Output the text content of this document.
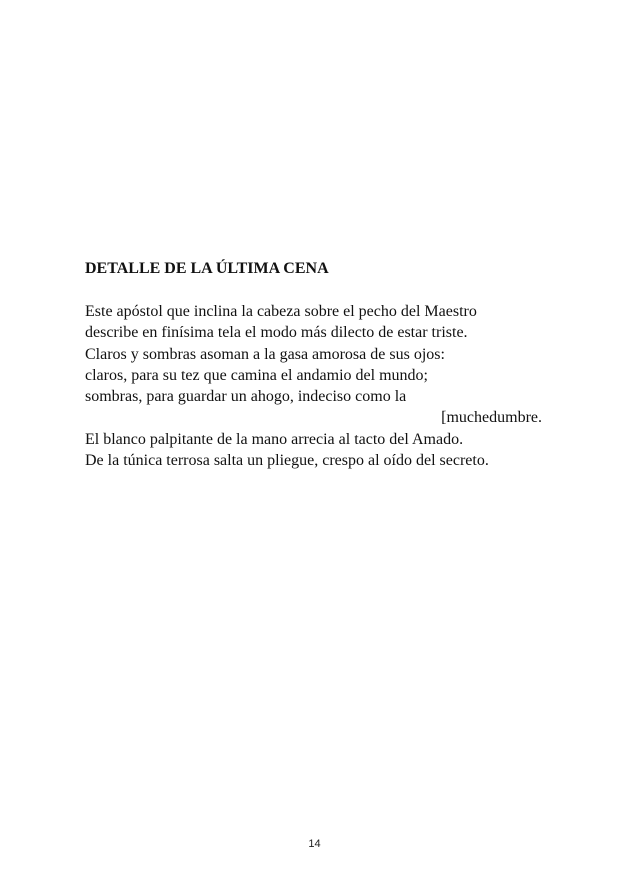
DETALLE DE LA ÚLTIMA CENA
Este apóstol que inclina la cabeza sobre el pecho del Maestro
describe en finísima tela el modo más dilecto de estar triste.
Claros y sombras asoman a la gasa amorosa de sus ojos:
claros, para su tez que camina el andamio del mundo;
sombras, para guardar un ahogo, indeciso como la
[muchedumbre.
El blanco palpitante de la mano arrecia al tacto del Amado.
De la túnica terrosa salta un pliegue, crespo al oído del secreto.
14
